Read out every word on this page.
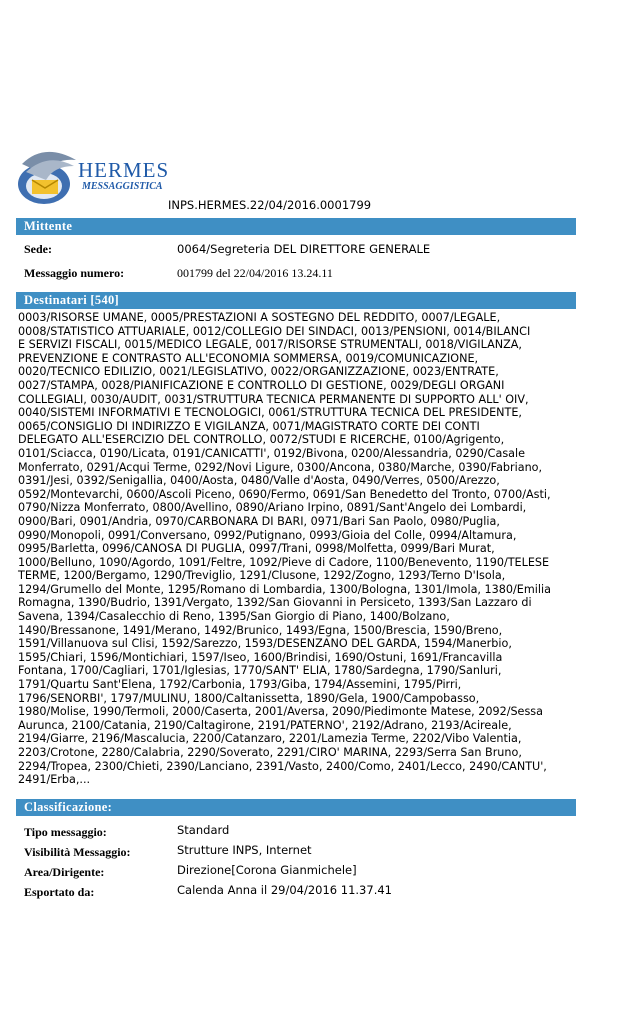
HERMES
MESSAGGISTICA
INPS.HERMES.22/04/2016.0001799
Mittente
Sede:	0064/Segreteria DEL DIRETTORE GENERALE
Messaggio numero:	001799 del 22/04/2016 13.24.11
Destinatari [540]
0003/RISORSE UMANE, 0005/PRESTAZIONI A SOSTEGNO DEL REDDITO, 0007/LEGALE,
0008/STATISTICO ATTUARIALE, 0012/COLLEGIO DEI SINDACI, 0013/PENSIONI, 0014/BILANCI
E SERVIZI FISCALI, 0015/MEDICO LEGALE, 0017/RISORSE STRUMENTALI, 0018/VIGILANZA,
PREVENZIONE E CONTRASTO ALL'ECONOMIA SOMMERSA, 0019/COMUNICAZIONE,
0020/TECNICO EDILIZIO, 0021/LEGISLATIVO, 0022/ORGANIZZAZIONE, 0023/ENTRATE,
0027/STAMPA, 0028/PIANIFICAZIONE E CONTROLLO DI GESTIONE, 0029/DEGLI ORGANI
COLLEGIALI, 0030/AUDIT, 0031/STRUTTURA TECNICA PERMANENTE DI SUPPORTO ALL' OIV,
0040/SISTEMI INFORMATIVI E TECNOLOGICI, 0061/STRUTTURA TECNICA DEL PRESIDENTE,
0065/CONSIGLIO DI INDIRIZZO E VIGILANZA, 0071/MAGISTRATO CORTE DEI CONTI
DELEGATO ALL'ESERCIZIO DEL CONTROLLO, 0072/STUDI E RICERCHE, 0100/Agrigento,
0101/Sciacca, 0190/Licata, 0191/CANICATTI', 0192/Bivona, 0200/Alessandria, 0290/Casale
Monferrato, 0291/Acqui Terme, 0292/Novi Ligure, 0300/Ancona, 0380/Marche, 0390/Fabriano,
0391/Jesi, 0392/Senigallia, 0400/Aosta, 0480/Valle d'Aosta, 0490/Verres, 0500/Arezzo,
0592/Montevarchi, 0600/Ascoli Piceno, 0690/Fermo, 0691/San Benedetto del Tronto, 0700/Asti,
0790/Nizza Monferrato, 0800/Avellino, 0890/Ariano Irpino, 0891/Sant'Angelo dei Lombardi,
0900/Bari, 0901/Andria, 0970/CARBONARA DI BARI, 0971/Bari San Paolo, 0980/Puglia,
0990/Monopoli, 0991/Conversano, 0992/Putignano, 0993/Gioia del Colle, 0994/Altamura,
0995/Barletta, 0996/CANOSA DI PUGLIA, 0997/Trani, 0998/Molfetta, 0999/Bari Murat,
1000/Belluno, 1090/Agordo, 1091/Feltre, 1092/Pieve di Cadore, 1100/Benevento, 1190/TELESE
TERME, 1200/Bergamo, 1290/Treviglio, 1291/Clusone, 1292/Zogno, 1293/Terno D'Isola,
1294/Grumello del Monte, 1295/Romano di Lombardia, 1300/Bologna, 1301/Imola, 1380/Emilia
Romagna, 1390/Budrio, 1391/Vergato, 1392/San Giovanni in Persiceto, 1393/San Lazzaro di
Savena, 1394/Casalecchio di Reno, 1395/San Giorgio di Piano, 1400/Bolzano,
1490/Bressanone, 1491/Merano, 1492/Brunico, 1493/Egna, 1500/Brescia, 1590/Breno,
1591/Villanuova sul Clisi, 1592/Sarezzo, 1593/DESENZANO DEL GARDA, 1594/Manerbio,
1595/Chiari, 1596/Montichiari, 1597/Iseo, 1600/Brindisi, 1690/Ostuni, 1691/Francavilla
Fontana, 1700/Cagliari, 1701/Iglesias, 1770/SANT' ELIA, 1780/Sardegna, 1790/Sanluri,
1791/Quartu Sant'Elena, 1792/Carbonia, 1793/Giba, 1794/Assemini, 1795/Pirri,
1796/SENORBI', 1797/MULINU, 1800/Caltanissetta, 1890/Gela, 1900/Campobasso,
1980/Molise, 1990/Termoli, 2000/Caserta, 2001/Aversa, 2090/Piedimonte Matese, 2092/Sessa
Aurunca, 2100/Catania, 2190/Caltagirone, 2191/PATERNO', 2192/Adrano, 2193/Acireale,
2194/Giarre, 2196/Mascalucia, 2200/Catanzaro, 2201/Lamezia Terme, 2202/Vibo Valentia,
2203/Crotone, 2280/Calabria, 2290/Soverato, 2291/CIRO' MARINA, 2293/Serra San Bruno,
2294/Tropea, 2300/Chieti, 2390/Lanciano, 2391/Vasto, 2400/Como, 2401/Lecco, 2490/CANTU',
2491/Erba,...
Classificazione:
Tipo messaggio:	Standard
Visibilità Messaggio:	Strutture INPS, Internet
Area/Dirigente:	Direzione[Corona Gianmichele]
Esportato da:	Calenda Anna il 29/04/2016 11.37.41
